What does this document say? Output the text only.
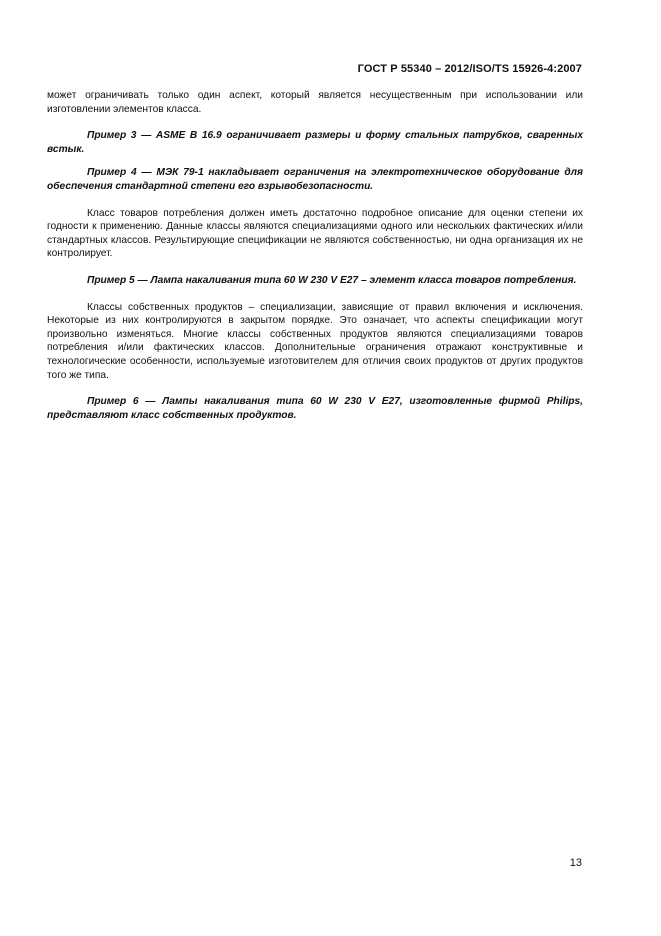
ГОСТ Р 55340 – 2012/ISO/TS 15926-4:2007

может ограничивать только один аспект, который является несущественным при использовании или изготовлении элементов класса.

Пример 3 — ASME B 16.9 ограничивает размеры и форму стальных патрубков, сваренных встык.

Пример 4 — МЭК 79-1 накладывает ограничения на электротехническое оборудование для обеспечения стандартной степени его взрывобезопасности.

Класс товаров потребления должен иметь достаточно подробное описание для оценки степени их годности к применению. Данные классы являются специализациями одного или нескольких фактических и/или стандартных классов. Результирующие спецификации не являются собственностью, ни одна организация их не контролирует.

Пример 5 — Лампа накаливания типа 60 W 230 V E27 – элемент класса товаров потребления.

Классы собственных продуктов – специализации, зависящие от правил включения и исключения. Некоторые из них контролируются в закрытом порядке. Это означает, что аспекты спецификации могут произвольно изменяться. Многие классы собственных продуктов являются специализациями товаров потребления и/или фактических классов. Дополнительные ограничения отражают конструктивные и технологические особенности, используемые изготовителем для отличия своих продуктов от других продуктов того же типа.

Пример 6 — Лампы накаливания типа 60 W 230 V E27, изготовленные фирмой Philips, представляют класс собственных продуктов.

13
